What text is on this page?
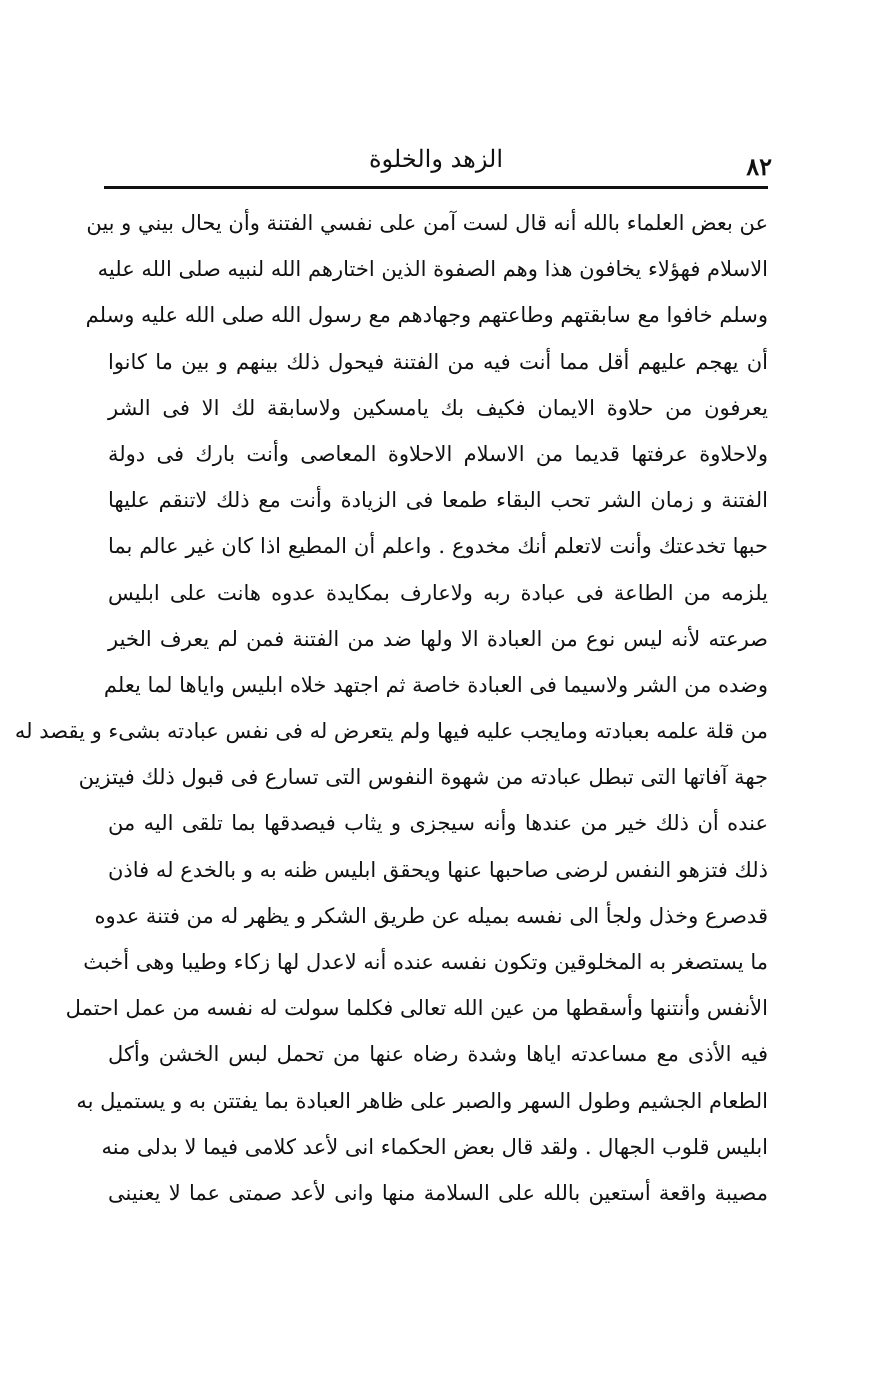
٨٢
الزهد والخلوة
عن بعض العلماء بالله أنه قال لست آمن على نفسي الفتنة وأن يحال بيني و بين
الاسلام فهؤلاء يخافون هذا وهم الصفوة الذين اختارهم الله لنبيه صلى الله عليه
وسلم خافوا مع سابقتهم وطاعتهم وجهادهم مع رسول الله صلى الله عليه وسلم
أن يهجم عليهم أقل مما أنت فيه من الفتنة فيحول ذلك بينهم و بين ما كانوا
يعرفون من حلاوة الايمان فكيف بك يامسكين ولاسابقة لك الا فى الشر
ولاحلاوة عرفتها قديما من الاسلام الاحلاوة المعاصى وأنت بارك فى دولة
الفتنة و زمان الشر تحب البقاء طمعا فى الزيادة وأنت مع ذلك لاتنقم عليها
حبها تخدعتك وأنت لاتعلم أنك مخدوع . واعلم أن المطيع اذا كان غير عالم بما
يلزمه من الطاعة فى عبادة ربه ولاعارف بمكايدة عدوه هانت على ابليس
صرعته لأنه ليس نوع من العبادة الا ولها ضد من الفتنة فمن لم يعرف الخير
وضده من الشر ولاسيما فى العبادة خاصة ثم اجتهد خلاه ابليس واياها لما يعلم
من قلة علمه بعبادته ومايجب عليه فيها ولم يتعرض له فى نفس عبادته بشىء و يقصد له
جهة آفاتها التى تبطل عبادته من شهوة النفوس التى تسارع فى قبول ذلك فيتزين
عنده أن ذلك خير من عندها وأنه سيجزى و يثاب فيصدقها بما تلقى اليه من
ذلك فتزهو النفس لرضى صاحبها عنها ويحقق ابليس ظنه به و بالخدع له فاذن
قدصرع وخذل ولجأ الى نفسه بميله عن طريق الشكر و يظهر له من فتنة عدوه
ما يستصغر به المخلوقين وتكون نفسه عنده أنه لاعدل لها زكاء وطيبا وهى أخبث
الأنفس وأنتنها وأسقطها من عين الله تعالى فكلما سولت له نفسه من عمل احتمل
فيه الأذى مع مساعدته اياها وشدة رضاه عنها من تحمل لبس الخشن وأكل
الطعام الجشيم وطول السهر والصبر على ظاهر العبادة بما يفتتن به و يستميل به
ابليس قلوب الجهال . ولقد قال بعض الحكماء انى لأعد كلامى فيما لا بدلى منه
مصيبة واقعة أستعين بالله على السلامة منها وانى لأعد صمتى عما لا يعنينى
